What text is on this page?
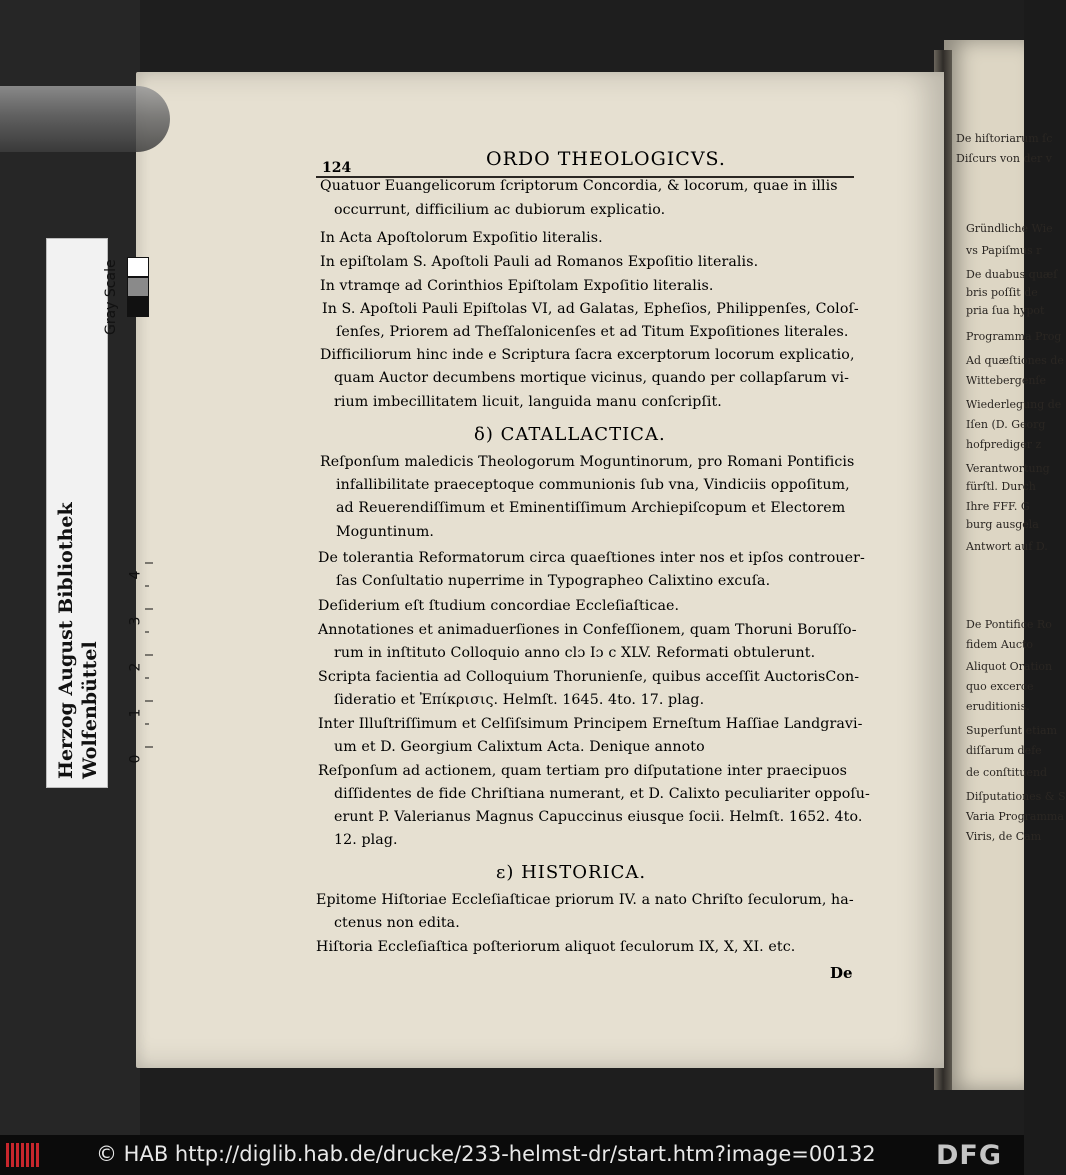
De hiſtoriarum ſc
Diſcurs von der v
Gründliche Wie
vs Papiſmus r
De duabus quæſ
bris poſſit de
pria ſua hypot
Programma Prog
Ad quæſtiones de
Wittebergenſe
Wiederlegung de
Iſen (D. Georg
hofprediger z
Verantwortung
fürſtl. Durch
Ihre FFF. G
burg ausgela
Antwort auf D.
De Pontifice Ro
fidem Aucto
Aliquot Oration
quo excerce
eruditionis.
Superſunt etiam
diſſarum defe
de conſtituend
Diſputationes & S
Varia Programma
Viris, de Cam
Herzog August Bibliothek Wolfenbüttel
Gray Scale
0
1
2
3
4
124	ORDO THEOLOGICVS.
Quatuor Euangelicorum ſcriptorum Concordia, & locorum, quae in illis
occurrunt, difficilium ac dubiorum explicatio.
In Acta Apoſtolorum Expoſitio literalis.
In epiſtolam S. Apoſtoli Pauli ad Romanos Expoſitio literalis.
In vtramqe ad Corinthios Epiſtolam Expoſitio literalis.
In S. Apoſtoli Pauli Epiſtolas VI, ad Galatas, Epheſios, Philippenſes, Coloſ-
ſenſes, Priorem ad Theſſalonicenſes et ad Titum Expoſitiones literales.
Difficiliorum hinc inde e Scriptura ſacra excerptorum locorum explicatio,
quam Auctor decumbens mortique vicinus, quando per collapſarum vi-
rium imbecillitatem licuit, languida manu conſcripſit.
δ) CATALLACTICA.
Reſponſum maledicis Theologorum Moguntinorum, pro Romani Pontificis
infallibilitate praeceptoque communionis ſub vna, Vindiciis oppoſitum,
ad Reuerendiſſimum et Eminentiſſimum Archiepiſcopum et Electorem
Moguntinum.
De tolerantia Reformatorum circa quaeſtiones inter nos et ipſos controuer-
ſas Conſultatio nuperrime in Typographeo Calixtino excuſa.
Deſiderium eſt ſtudium concordiae Eccleſiaſticae.
Annotationes et animaduerſiones in Confeſſionem, quam Thoruni Boruſſo-
rum in inſtituto Colloquio anno clɔ Iɔ c XLV. Reformati obtulerunt.
Scripta facientia ad Colloquium Thorunienſe, quibus acceſſit AuctorisCon-
ſideratio et Ἐπίκρισις. Helmſt. 1645. 4to. 17. plag.
Inter Illuſtriſſimum et Celſiſsimum Principem Erneſtum Haſſiae Landgravi-
um et D. Georgium Calixtum Acta. Denique annoto
Reſponſum ad actionem, quam tertiam pro diſputatione inter praecipuos
diſſidentes de fide Chriſtiana numerant, et D. Calixto peculiariter oppoſu-
erunt P. Valerianus Magnus Capuccinus eiusque ſocii. Helmſt. 1652. 4to.
12. plag.
ε) HISTORICA.
Epitome Hiſtoriae Eccleſiaſticae priorum IV. a nato Chriſto ſeculorum, ha-
ctenus non edita.
Hiſtoria Eccleſiaſtica poſteriorum aliquot ſeculorum IX, X, XI. etc.
De
© HAB http://diglib.hab.de/drucke/233-helmst-dr/start.htm?image=00132 DFG
